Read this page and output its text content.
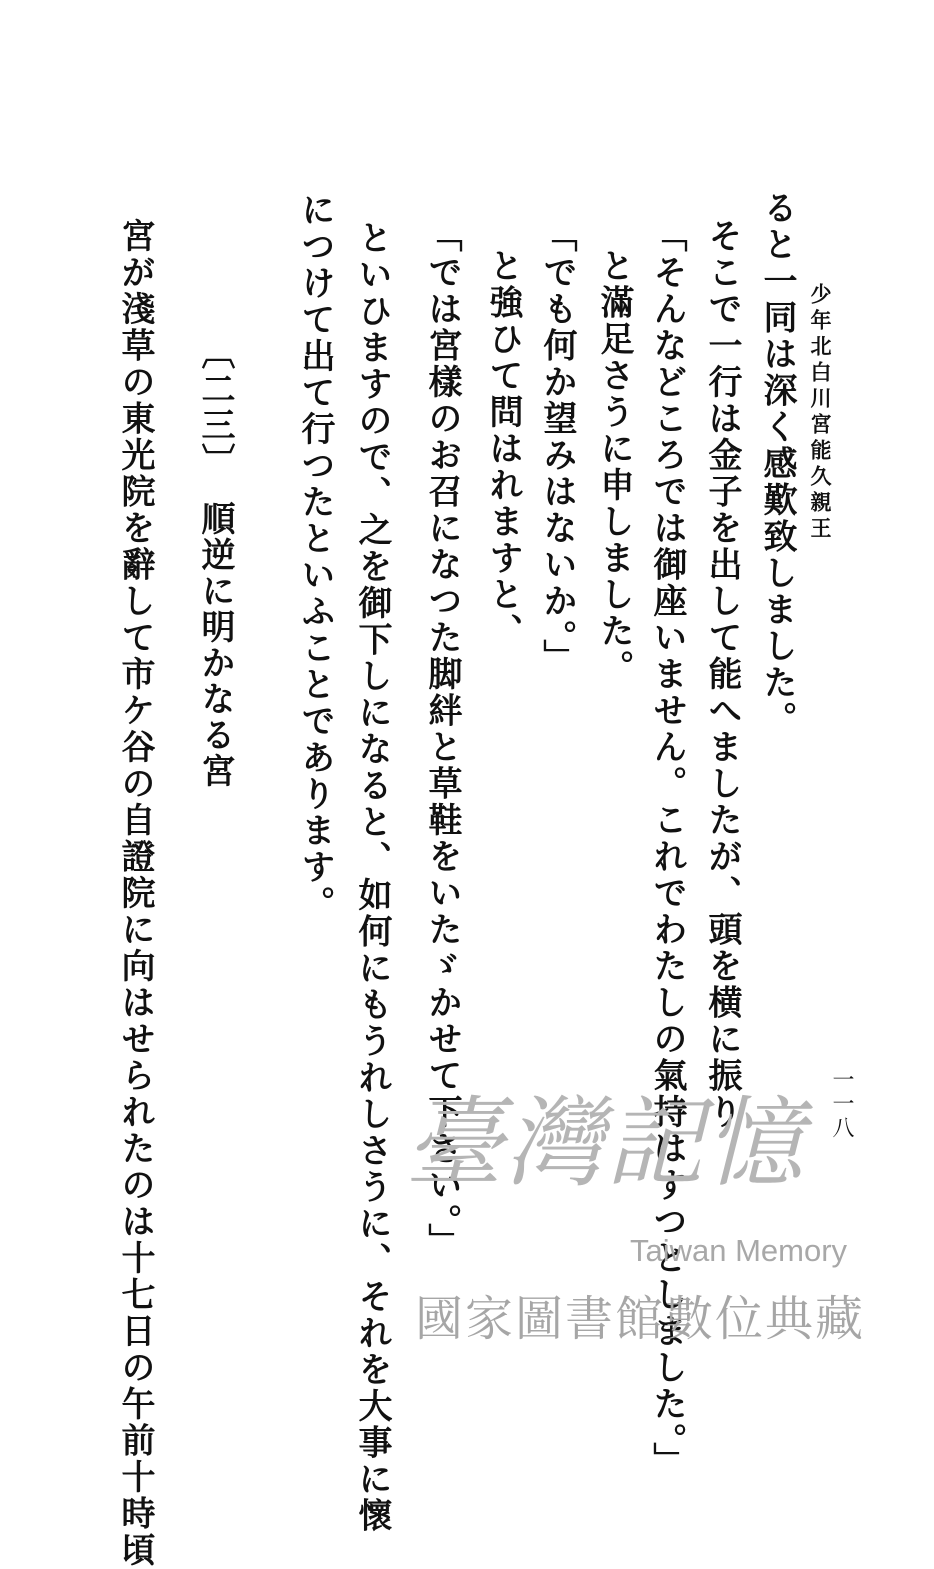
少年北白川宮能久親王
一一八
ると一同は深く感歎致しました。
そこで一行は金子を出して能へましたが、頭を横に振り
「そんなどころでは御座いません。これでわたしの氣持はすつとしました。」
と滿足さうに申しました。
「でも何か望みはないか。」
と強ひて問はれますと、
「では宮樣のお召になつた脚絆と草鞋をいたゞかせて下さい。」
といひますので、之を御下しになると、如何にもうれしさうに、それを大事に懷
につけて出て行つたといふことであります。
〔二三〕順逆に明かなる宮
宮が淺草の東光院を辭して市ケ谷の自證院に向はせられたのは十七日の午前十時頃	臺灣記憶
Taiwan Memory
國家圖書館數位典藏
